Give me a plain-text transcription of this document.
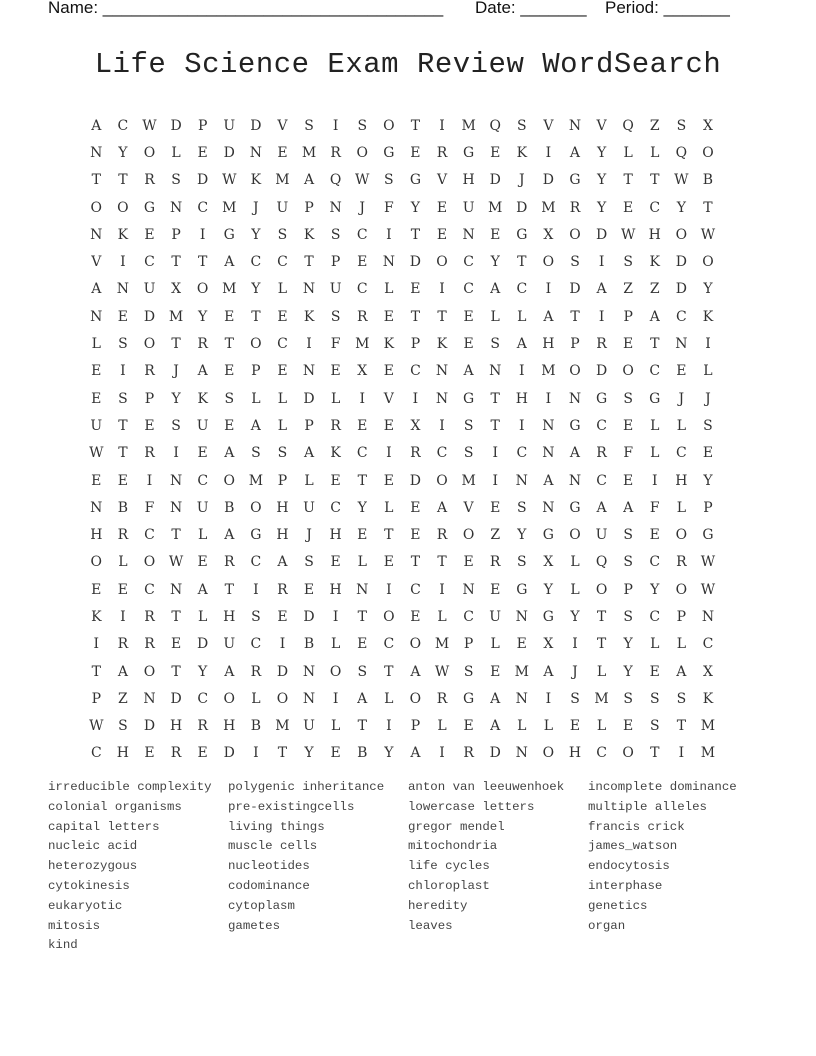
Name: ____________________________________ Date: _______ Period: _______
Life Science Exam Review WordSearch
A	C	W D	P	U	D	V	S	I	S	O	T	I	M Q	S	V	N	V	Q	Z	S	X
N	Y	O	L	E	D	N	E	M	R	O	G	E	R	G	E	K	I	A	Y	L	L	Q	O
T	T	R	S	D W	K	M	A	Q W	S	G	V	H	D	J	D	G	Y	T	T	W	B
O	O	G	N	C	M	J	U	P	N	J	F	Y	E	U M D M	R	Y	E	C	Y	T
N	K	E	P	I	G	Y	S	K	S	C	I	T	E	N	E	G	X	O	D W H	O W
V	I	C	T	T	A	C	C	T	P	E	N	D	O	C	Y	T	O	S	I	S	K	D	O
A	N	U	X	O M	Y	L	N	U	C	L	E	I	C	A	C	I	D	A	Z	Z	D	Y
N	E	D M	Y	E	T	E	K	S	R	E	T	T	E	L	L	A	T	I	P	A	C	K
L	S	O	T	R	T	O	C	I	F	M	K	P	K	E	S	A	H	P	R	E	T	N	I
E	I	R	J	A	E	P	E	N	E	X	E	C	N	A	N	I	M O	D	O	C	E	L
E	S	P	Y	K	S	L	L	D	L	I	V	I	N	G	T	H	I	N	G	S	G	J	J
U	T	E	S	U	E	A	L	P	R	E	E	X	I	S	T	I	N	G	C	E	L	L	S
W	T	R	I	E	A	S	S	A	K	C	I	R	C	S	I	C	N	A	R	F	L	C	E
E	E	I	N	C	O M	P	L	E	T	E	D	O M	I	N	A	N	C	E	I	H	Y
N	B	F	N	U	B	O	H	U	C	Y	L	E	A	V	E	S	N	G	A	A	F	L	P
H	R	C	T	L	A	G	H	J	H	E	T	E	R	O	Z	Y	G	O	U	S	E	O	G
O	L	O W	E	R	C	A	S	E	L	E	T	T	E	R	S	X	L	Q	S	C	R	W
E	E	C	N	A	T	I	R	E	H	N	I	C	I	N	E	G	Y	L	O	P	Y	O W
K	I	R	T	L	H	S	E	D	I	T	O	E	L	C	U	N	G	Y	T	S	C	P	N
I	R	R	E	D	U	C	I	B	L	E	C	O M	P	L	E	X	I	T	Y	L	L	C
T	A	O	T	Y	A	R	D	N	O	S	T	A	W	S	E	M	A	J	L	Y	E	A	X
P	Z	N	D	C	O	L	O	N	I	A	L	O	R	G	A	N	I	S	M	S	S	S	K
W	S	D	H	R	H	B	M U	L	T	I	P	L	E	A	L	L	E	L	E	S	T	M
C	H	E	R	E	D	I	T	Y	E	B	Y	A	I	R	D	N	O	H	C	O	T	I	M
irreducible complexity
colonial organisms
capital letters
nucleic acid
heterozygous
cytokinesis
eukaryotic
mitosis
kind
polygenic inheritance
pre-existingcells
living things
muscle cells
nucleotides
codominance
cytoplasm
gametes
anton van leeuwenhoek
lowercase letters
gregor mendel
mitochondria
life cycles
chloroplast
heredity
leaves
incomplete dominance
multiple alleles
francis crick
james_watson
endocytosis
interphase
genetics
organ
